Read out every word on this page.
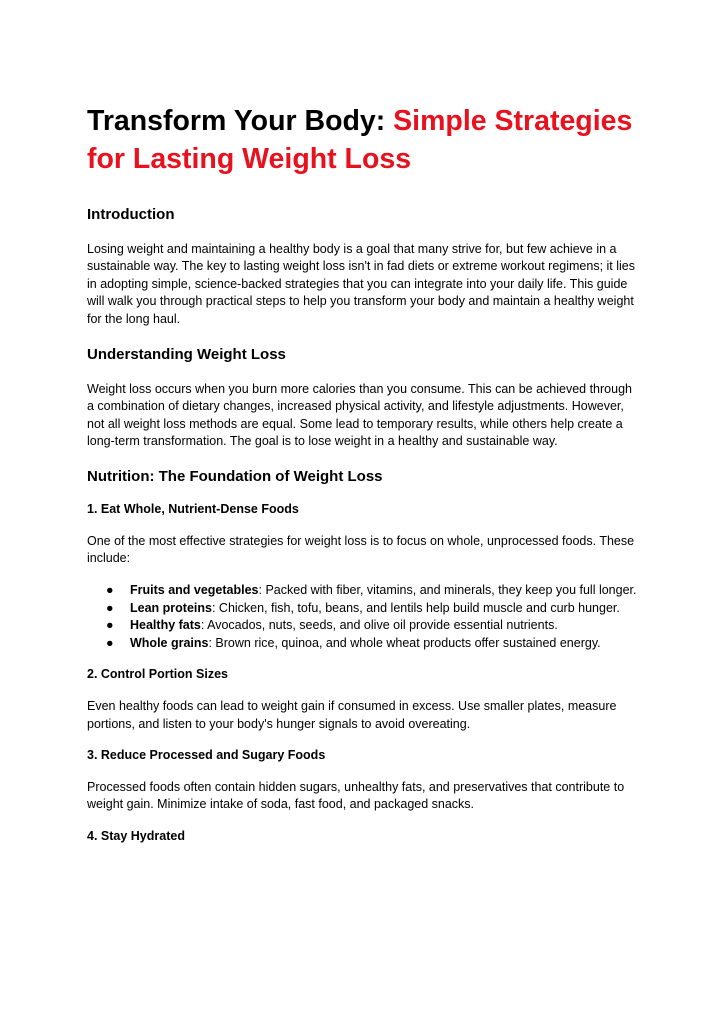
Transform Your Body: Simple Strategies for Lasting Weight Loss
Introduction

Losing weight and maintaining a healthy body is a goal that many strive for, but few achieve in a sustainable way. The key to lasting weight loss isn't in fad diets or extreme workout regimens; it lies in adopting simple, science-backed strategies that you can integrate into your daily life. This guide will walk you through practical steps to help you transform your body and maintain a healthy weight for the long haul.

Understanding Weight Loss

Weight loss occurs when you burn more calories than you consume. This can be achieved through a combination of dietary changes, increased physical activity, and lifestyle adjustments. However, not all weight loss methods are equal. Some lead to temporary results, while others help create a long-term transformation. The goal is to lose weight in a healthy and sustainable way.

Nutrition: The Foundation of Weight Loss
1. Eat Whole, Nutrient-Dense Foods

One of the most effective strategies for weight loss is to focus on whole, unprocessed foods. These include:

● Fruits and vegetables: Packed with fiber, vitamins, and minerals, they keep you full longer.
● Lean proteins: Chicken, fish, tofu, beans, and lentils help build muscle and curb hunger.
● Healthy fats: Avocados, nuts, seeds, and olive oil provide essential nutrients.
● Whole grains: Brown rice, quinoa, and whole wheat products offer sustained energy.
2. Control Portion Sizes

Even healthy foods can lead to weight gain if consumed in excess. Use smaller plates, measure portions, and listen to your body's hunger signals to avoid overeating.

3. Reduce Processed and Sugary Foods

Processed foods often contain hidden sugars, unhealthy fats, and preservatives that contribute to weight gain. Minimize intake of soda, fast food, and packaged snacks.

4. Stay Hydrated
